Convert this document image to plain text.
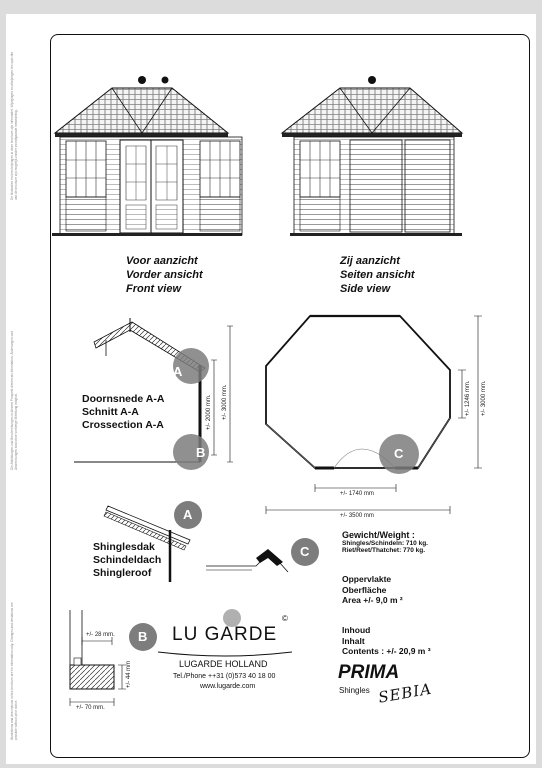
De illustraties en beschrijvingen in deze brochure zijn informatief. Wijzigingen en afwijkingen ten opzichte van de brochure zijn mogelijk zonder voorafgaande mededeling.
Die Abbildungen und Beschreibungen in diesem Prospekt dienen als Information. Änderungen und Abweichungen sind ohne vorherige Mitteilung möglich.
Illustrations and descriptions in this brochure are for information only. Changes and deviations are possible without prior notice.
Voor aanzicht
Vorder ansicht
Front view
Zij aanzicht
Seiten ansicht
Side view
Doornsnede A-A
Schnitt A-A
Crossection A-A	+/- 2000 mm. +/- 3000 mm.
+/- 1740 mm
+/- 3500 mm
+/- 1246 mm. +/- 3000 mm.
A
B	C
A
C
B
Shinglesdak
Schindeldach
Shingleroof
+/- 28 mm.
+/- 44 mm
+/- 70 mm.
Gewicht/Weight :
Shingles/Schindeln: 710 kg.
Riet/Reet/Thatchet: 770 kg.
Oppervlakte
Oberfläche
Area +/- 9,0 m ²
Inhoud
Inhalt
Contents : +/- 20,9 m ³
LU GARDE
©
LUGARDE HOLLAND
Tel./Phone ++31 (0)573 40 18 00
www.lugarde.com
PRIMA
Shingles SEBIA
